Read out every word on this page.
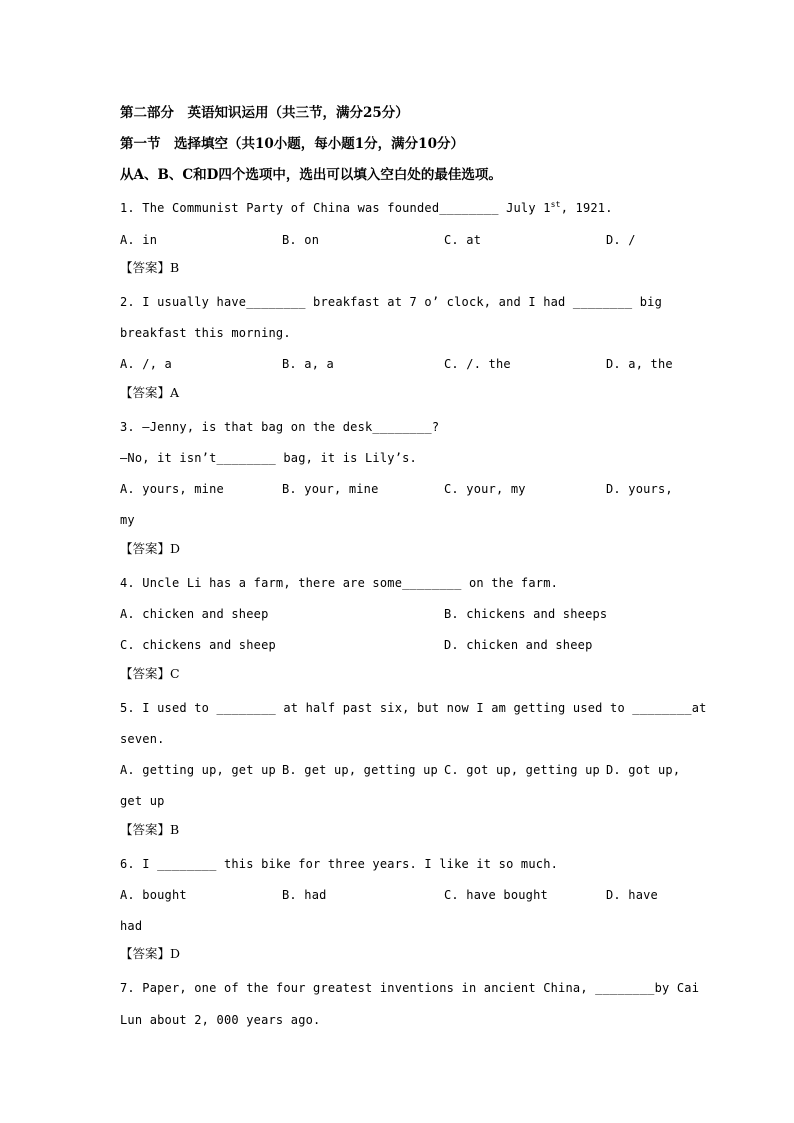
第二部分　英语知识运用（共三节，满分25分）
第一节　选择填空（共10小题，每小题1分，满分10分）
从A、B、C和D四个选项中，选出可以填入空白处的最佳选项。
1. The Communist Party of China was founded________ July 1st, 1921.
A. in	B. on	C. at	D. /
【答案】B
2. I usually have________ breakfast at 7 o’ clock, and I had ________ big
breakfast this morning.
A. /, a	B. a, a	C. /. the	D. a, the
【答案】A
3. —Jenny, is that bag on the desk________?
—No, it isn’t________ bag, it is Lily’s.
A. yours, mine	B. your, mine	C. your, my	D. yours,
my
【答案】D
4. Uncle Li has a farm, there are some________ on the farm.
A. chicken and sheep	B. chickens and sheeps
C. chickens and sheep	D. chicken and sheep
【答案】C
5. I used to ________ at half past six, but now I am getting used to ________at
seven.
A. getting up, get up B. get up, getting up C. got up, getting up D. got up,
get up
【答案】B
6. I ________ this bike for three years. I like it so much.
A. bought	B. had	C. have bought	D. have
had
【答案】D
7. Paper, one of the four greatest inventions in ancient China, ________by Cai
Lun about 2, 000 years ago.
